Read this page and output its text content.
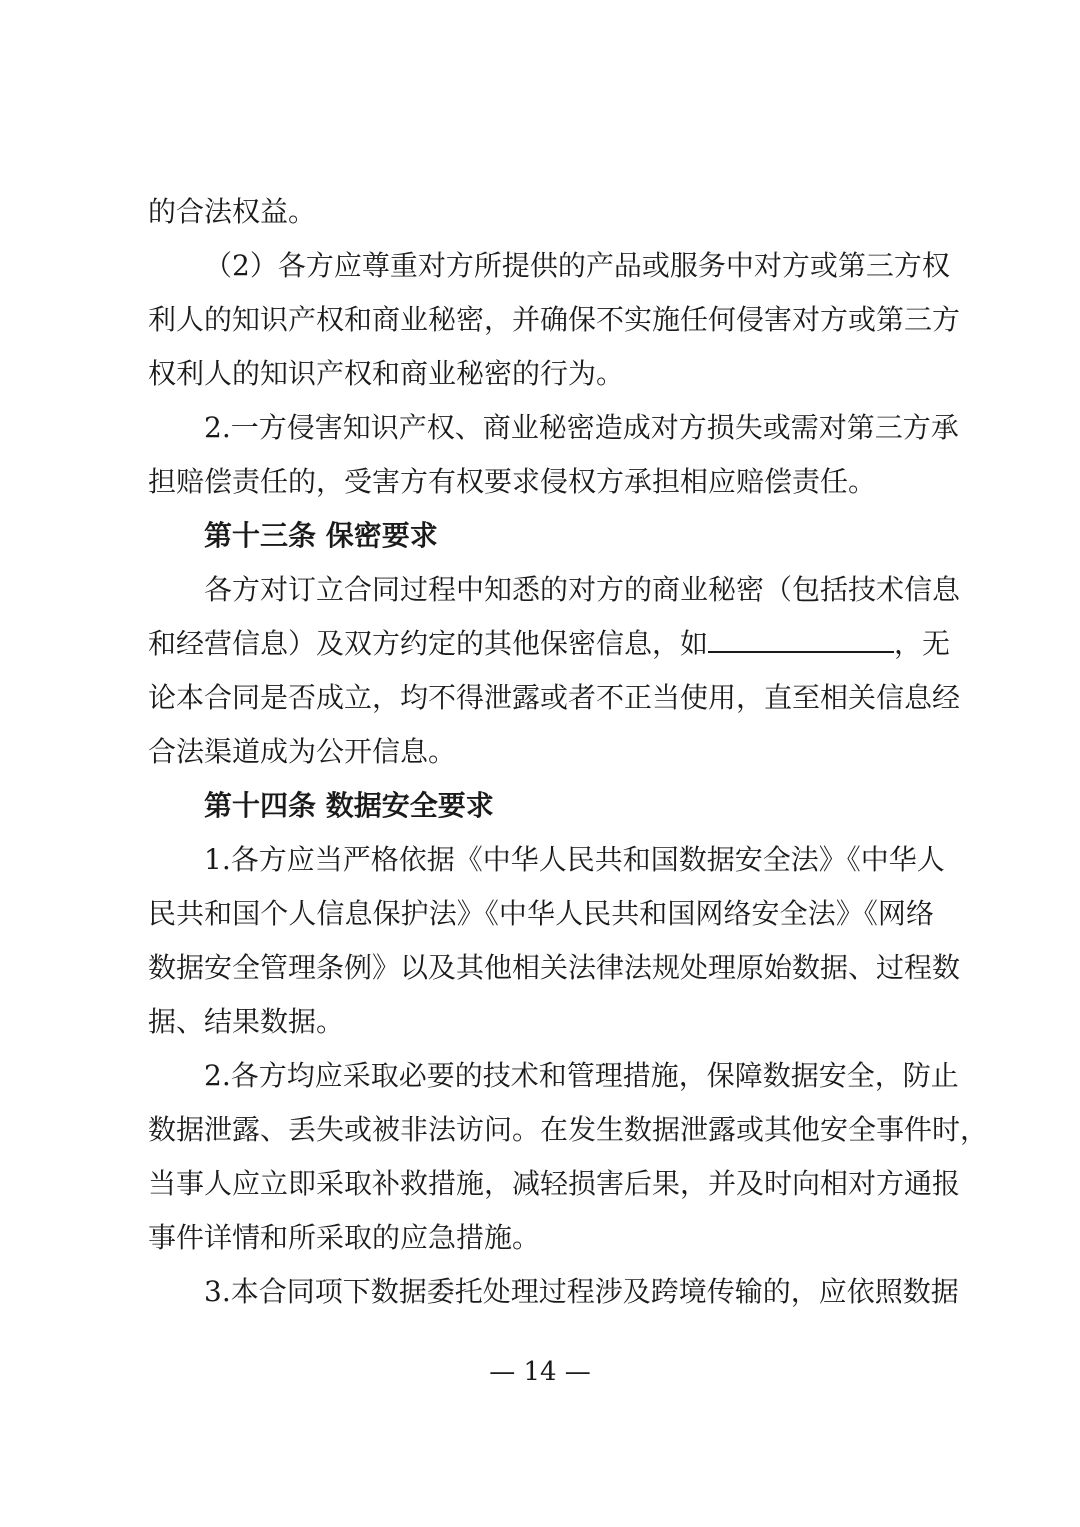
的合法权益。
（2）各方应尊重对方所提供的产品或服务中对方或第三方权
利人的知识产权和商业秘密，并确保不实施任何侵害对方或第三方
权利人的知识产权和商业秘密的行为。
2.一方侵害知识产权、商业秘密造成对方损失或需对第三方承
担赔偿责任的，受害方有权要求侵权方承担相应赔偿责任。
第十三条 保密要求
各方对订立合同过程中知悉的对方的商业秘密（包括技术信息
和经营信息）及双方约定的其他保密信息，如	，无
论本合同是否成立，均不得泄露或者不正当使用，直至相关信息经
合法渠道成为公开信息。
第十四条 数据安全要求
1.各方应当严格依据《中华人民共和国数据安全法》《中华人
民共和国个人信息保护法》《中华人民共和国网络安全法》《网络
数据安全管理条例》以及其他相关法律法规处理原始数据、过程数
据、结果数据。
2.各方均应采取必要的技术和管理措施，保障数据安全，防止
数据泄露、丢失或被非法访问。在发生数据泄露或其他安全事件时，
当事人应立即采取补救措施，减轻损害后果，并及时向相对方通报
事件详情和所采取的应急措施。
3.本合同项下数据委托处理过程涉及跨境传输的，应依照数据
— 14 —
